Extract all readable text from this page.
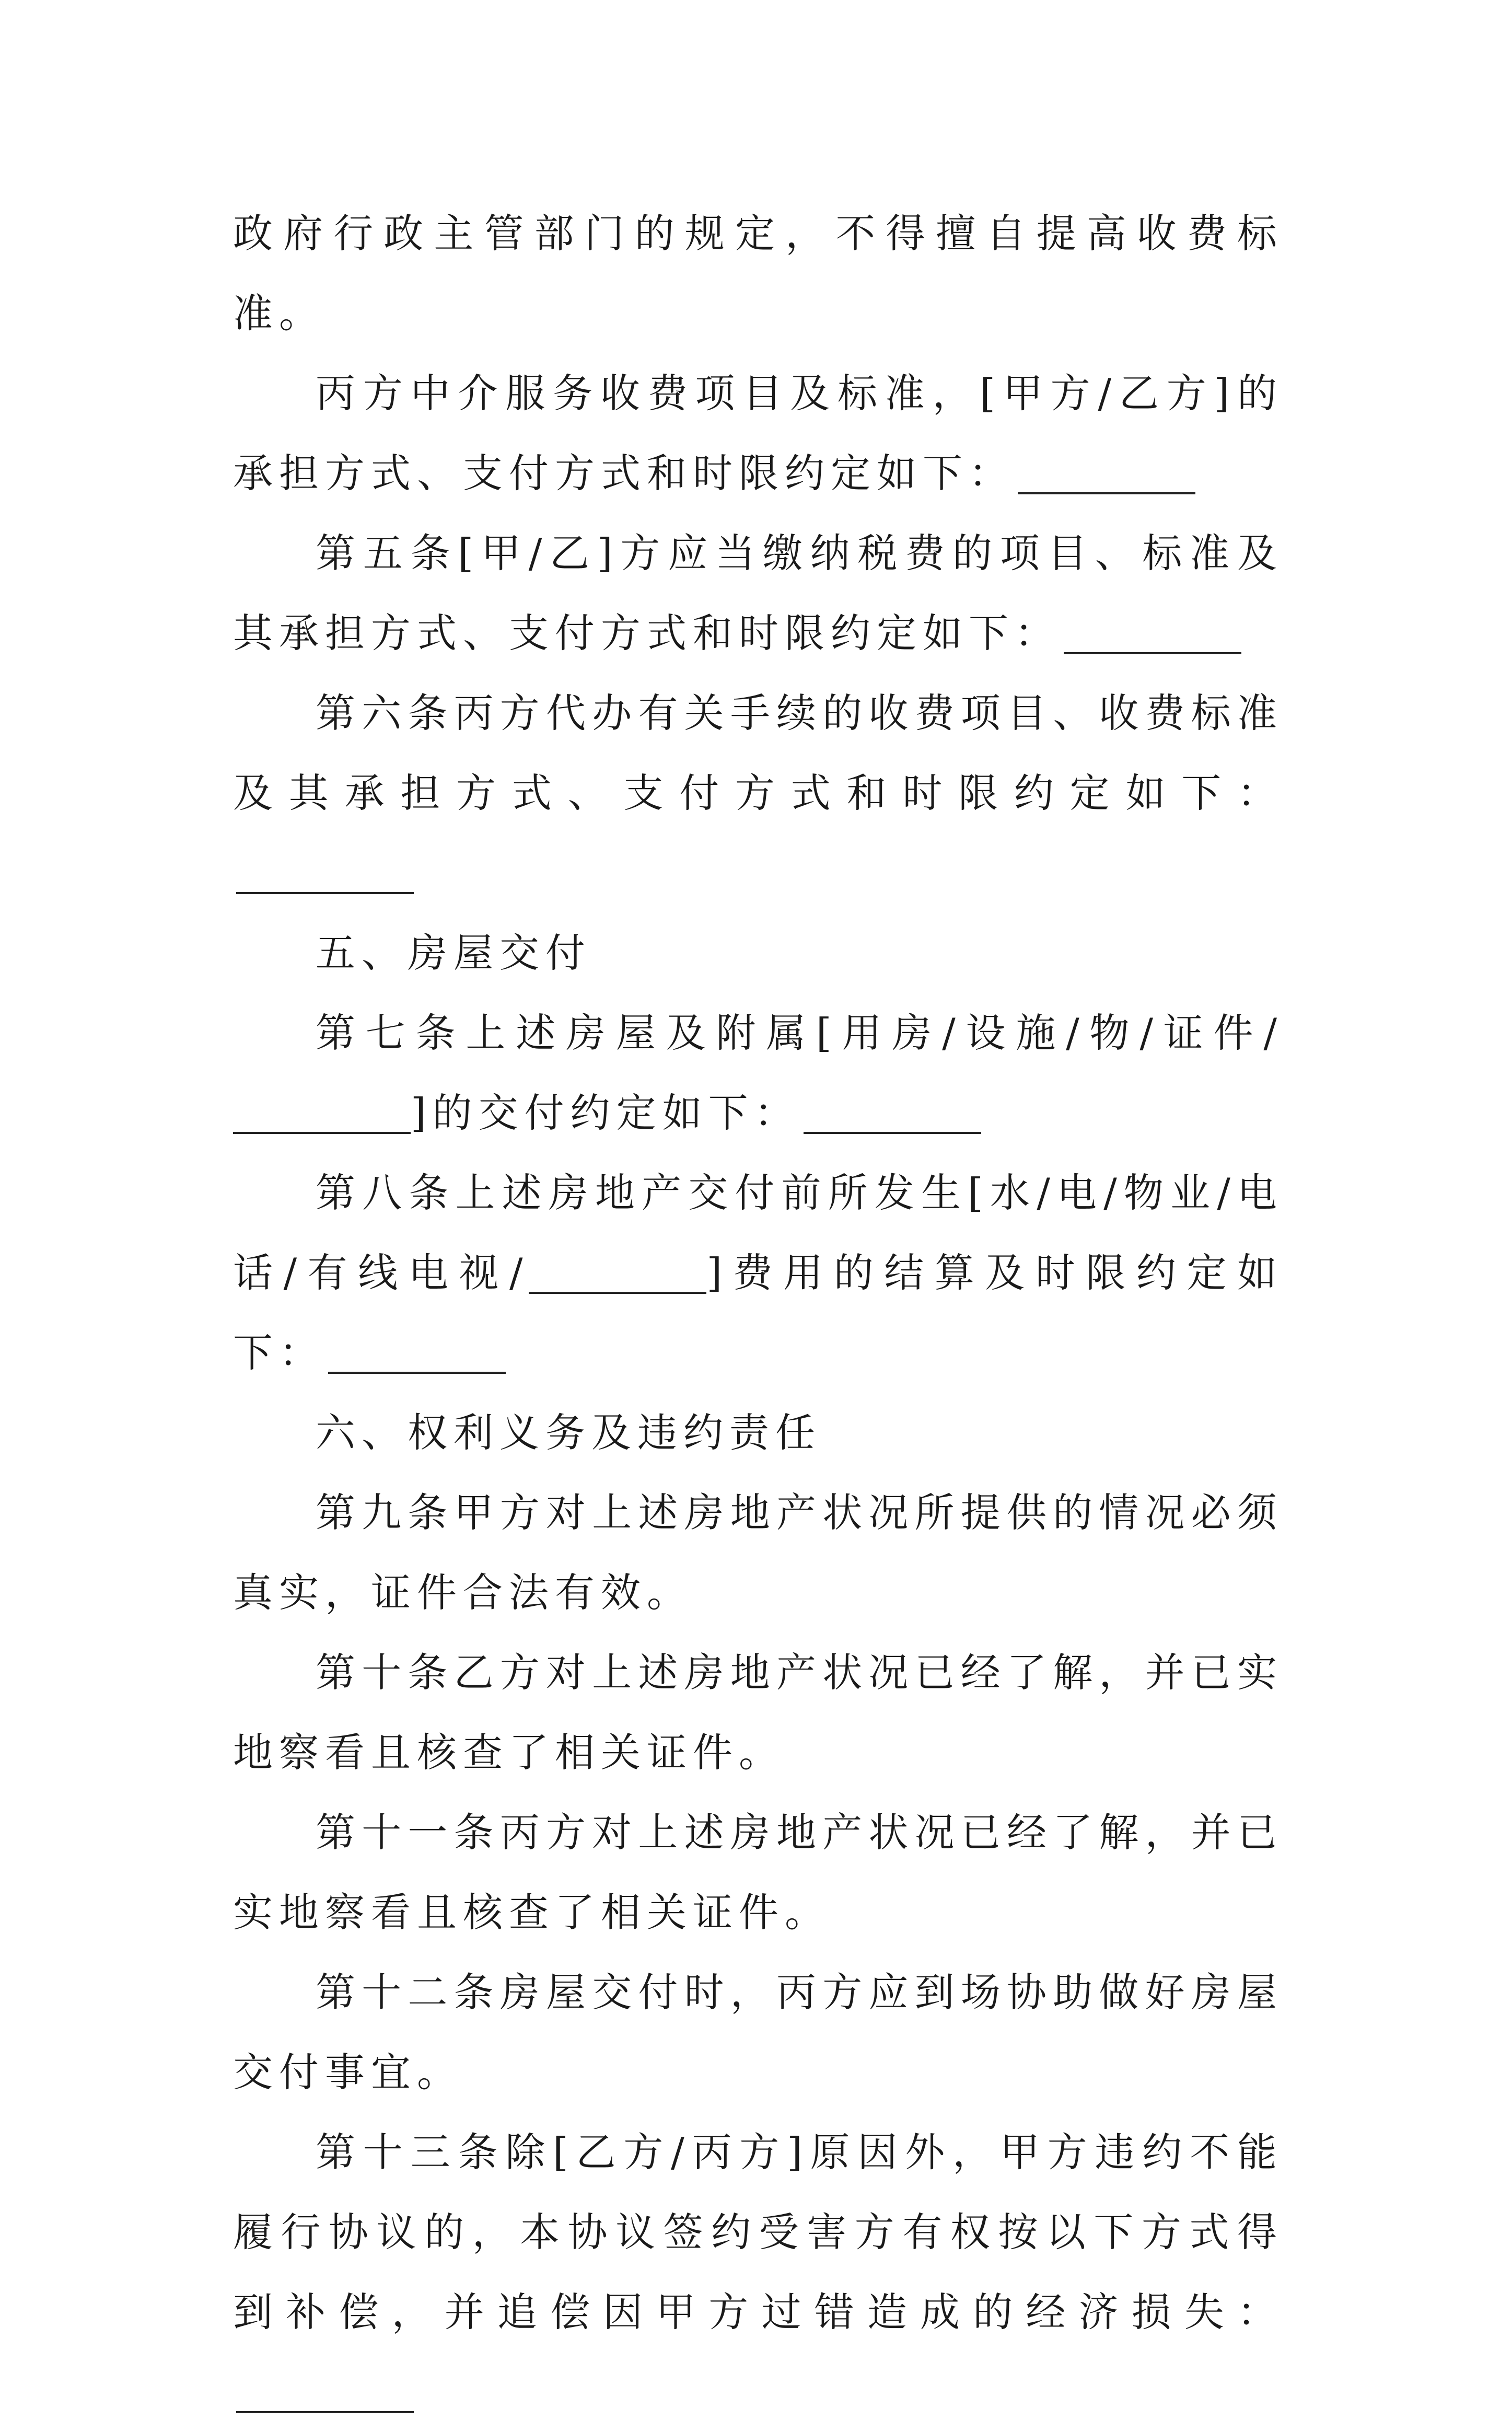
政府行政主管部门的规定，不得擅自提高收费标准。

丙方中介服务收费项目及标准，[甲方/乙方]的承担方式、支付方式和时限约定如下：

第五条[甲/乙]方应当缴纳税费的项目、标准及其承担方式、支付方式和时限约定如下：

第六条丙方代办有关手续的收费项目、收费标准及其承担方式、支付方式和时限约定如下：

五、房屋交付

第七条上述房屋及附属[用房/设施/物/证件/]的交付约定如下：

第八条上述房地产交付前所发生[水/电/物业/电话/有线电视/	]费用的结算及时限约定如下：

六、权利义务及违约责任

第九条甲方对上述房地产状况所提供的情况必须真实，证件合法有效。

第十条乙方对上述房地产状况已经了解，并已实地察看且核查了相关证件。

第十一条丙方对上述房地产状况已经了解，并已实地察看且核查了相关证件。

第十二条房屋交付时，丙方应到场协助做好房屋交付事宜。

第十三条除[乙方/丙方]原因外，甲方违约不能履行协议的，本协议签约受害方有权按以下方式得到补偿，并追偿因甲方过错造成的经济损失：
